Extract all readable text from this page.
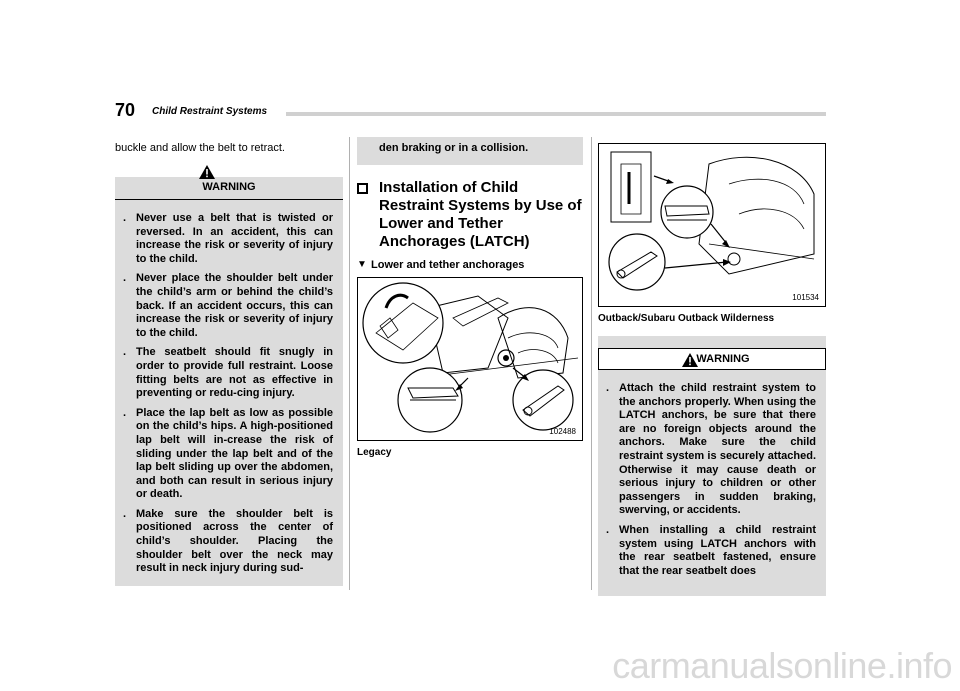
70 Child Restraint Systems
buckle and allow the belt to retract.
WARNING
. Never use a belt that is twisted or reversed. In an accident, this can increase the risk or severity of injury to the child.
. Never place the shoulder belt under the child’s arm or behind the child’s back. If an accident occurs, this can increase the risk or severity of injury to the child.
. The seatbelt should fit snugly in order to provide full restraint. Loose fitting belts are not as effective in preventing or redu-cing injury.
. Place the lap belt as low as possible on the child’s hips. A high-positioned lap belt will in-crease the risk of sliding under the lap belt and of the lap belt sliding up over the abdomen, and both can result in serious injury or death.
. Make sure the shoulder belt is positioned across the center of child’s shoulder. Placing the shoulder belt over the neck may result in neck injury during sud-
den braking or in a collision.
Installation of Child Restraint Systems by Use of Lower and Tether Anchorages (LATCH)
▼ Lower and tether anchorages
102488
Legacy
101534
Outback/Subaru Outback Wilderness
WARNING
. Attach the child restraint system to the anchors properly. When using the LATCH anchors, be sure that there are no foreign objects around the anchors. Make sure the child restraint system is securely attached. Otherwise it may cause death or serious injury to children or other passengers in sudden braking, swerving, or accidents.
. When installing a child restraint system using LATCH anchors with the rear seatbelt fastened, ensure that the rear seatbelt does
carmanualsonline.info
